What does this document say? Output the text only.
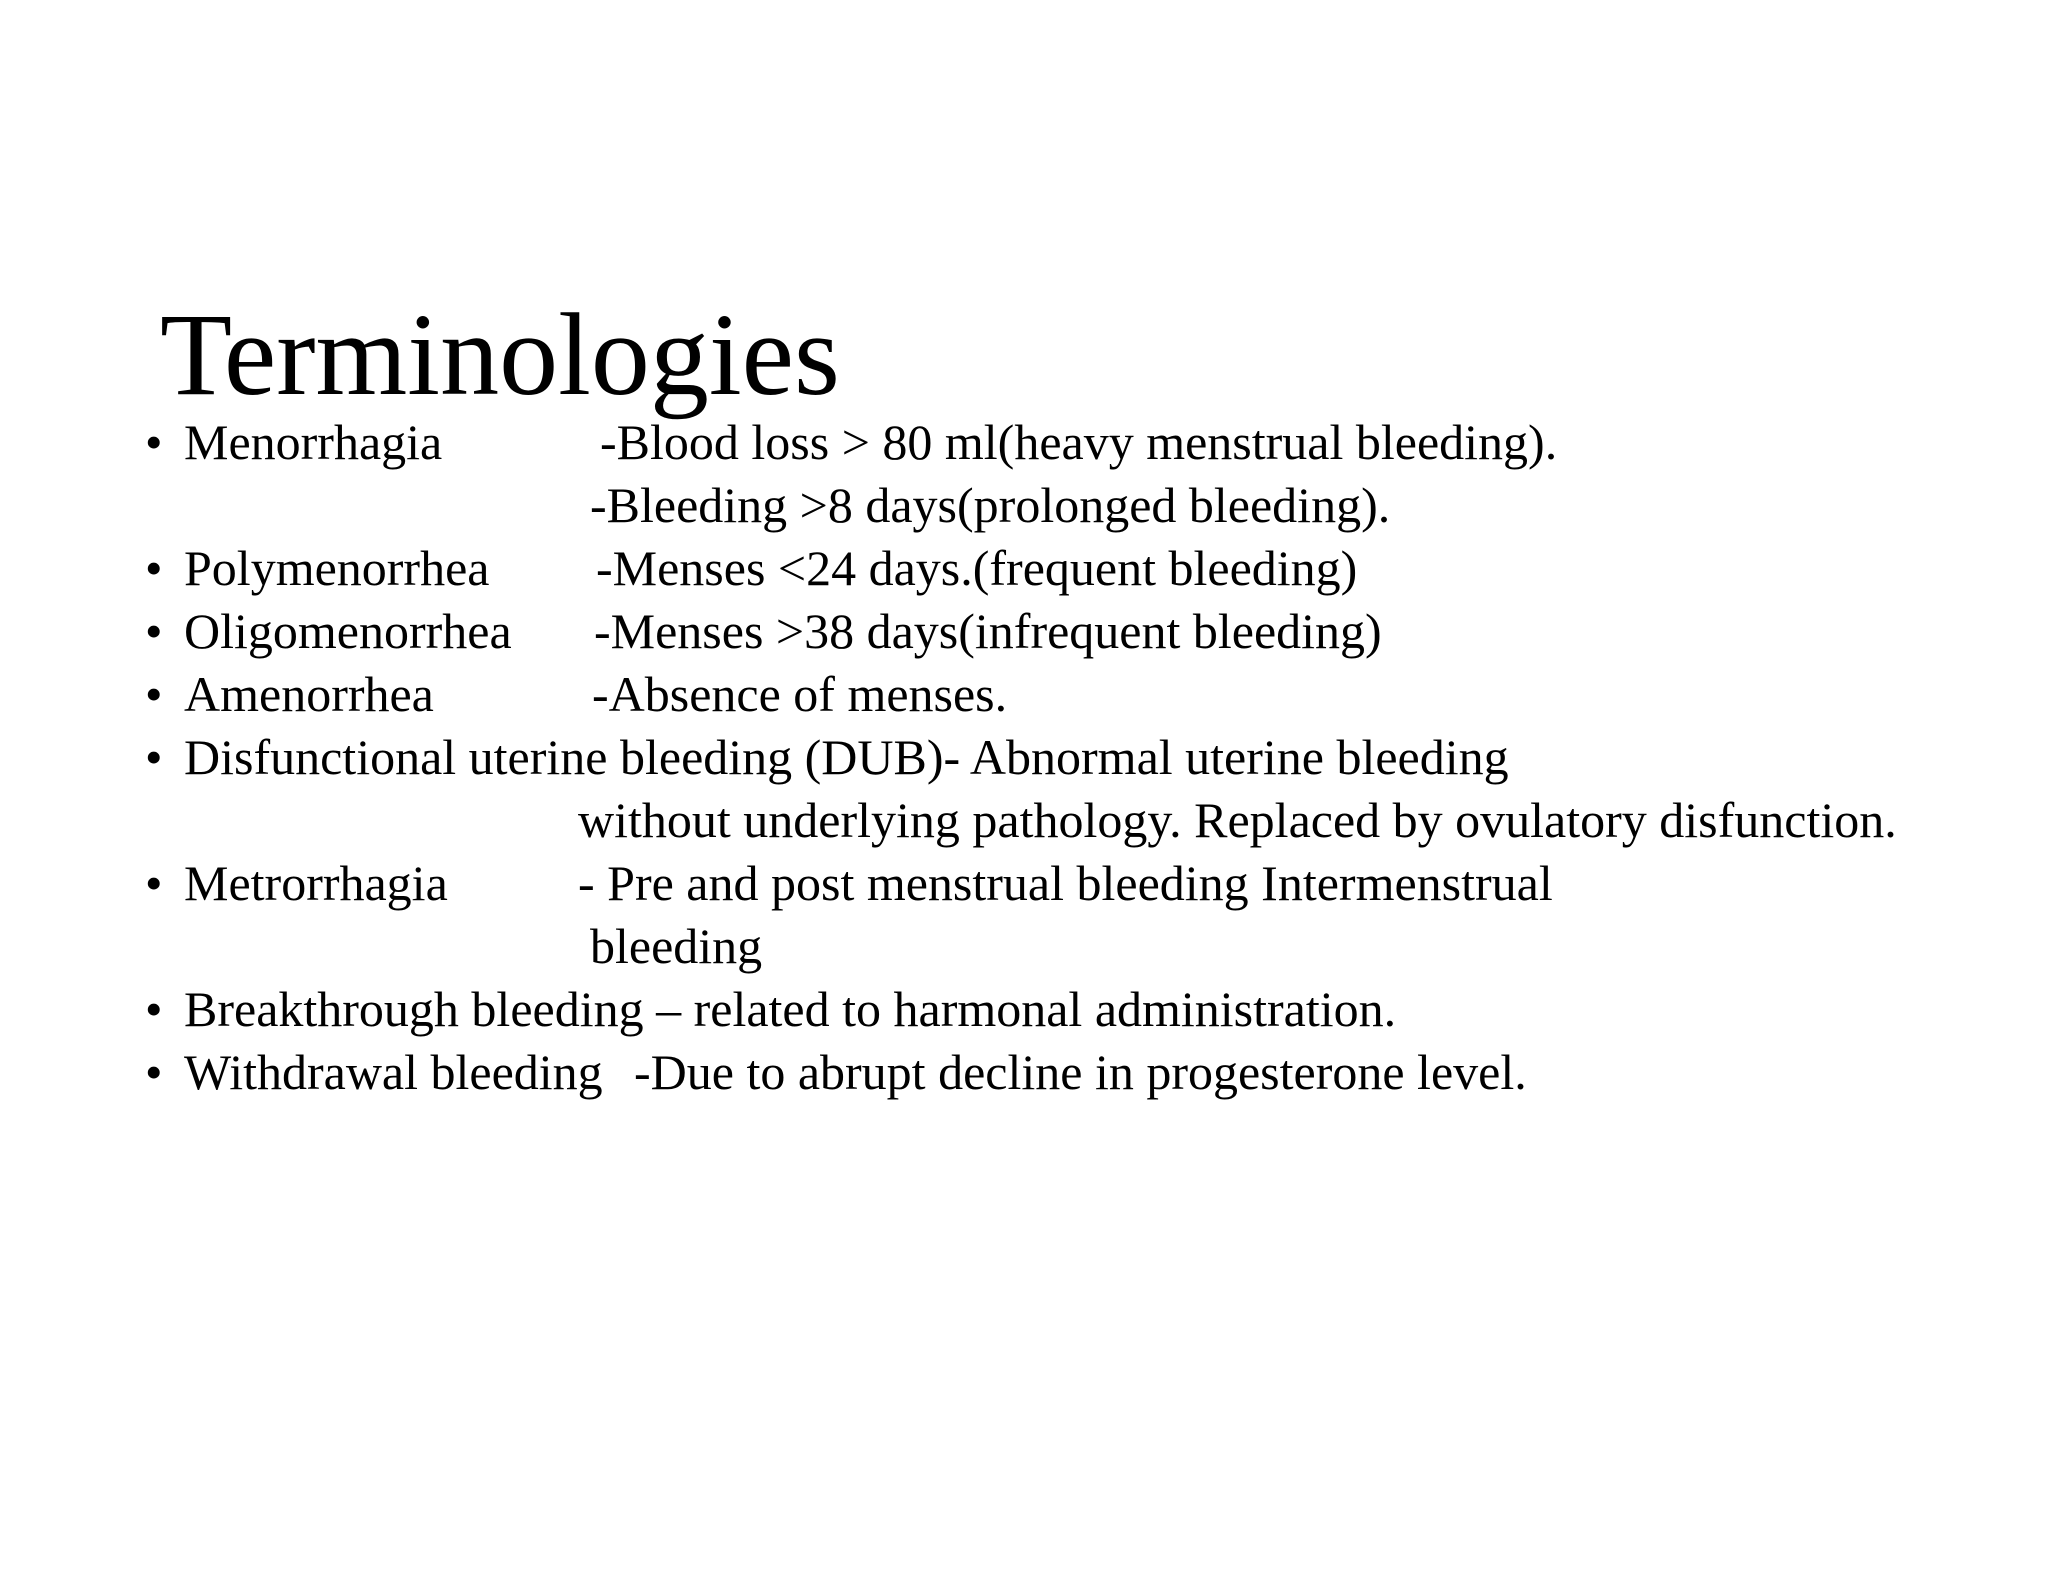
Terminologies
• Menorrhagia	-Blood loss > 80 ml(heavy menstrual bleeding).
-Bleeding >8 days(prolonged bleeding).
• Polymenorrhea -Menses <24 days.(frequent bleeding)
• Oligomenorrhea -Menses >38 days(infrequent bleeding)
• Amenorrhea	-Absence of menses.
• Disfunctional uterine bleeding (DUB)- Abnormal uterine bleeding
without underlying pathology. Replaced by ovulatory disfunction.
• Metrorrhagia	- Pre and post menstrual bleeding Intermenstrual
bleeding
• Breakthrough bleeding – related to harmonal administration.
• Withdrawal bleeding -Due to abrupt decline in progesterone level.
